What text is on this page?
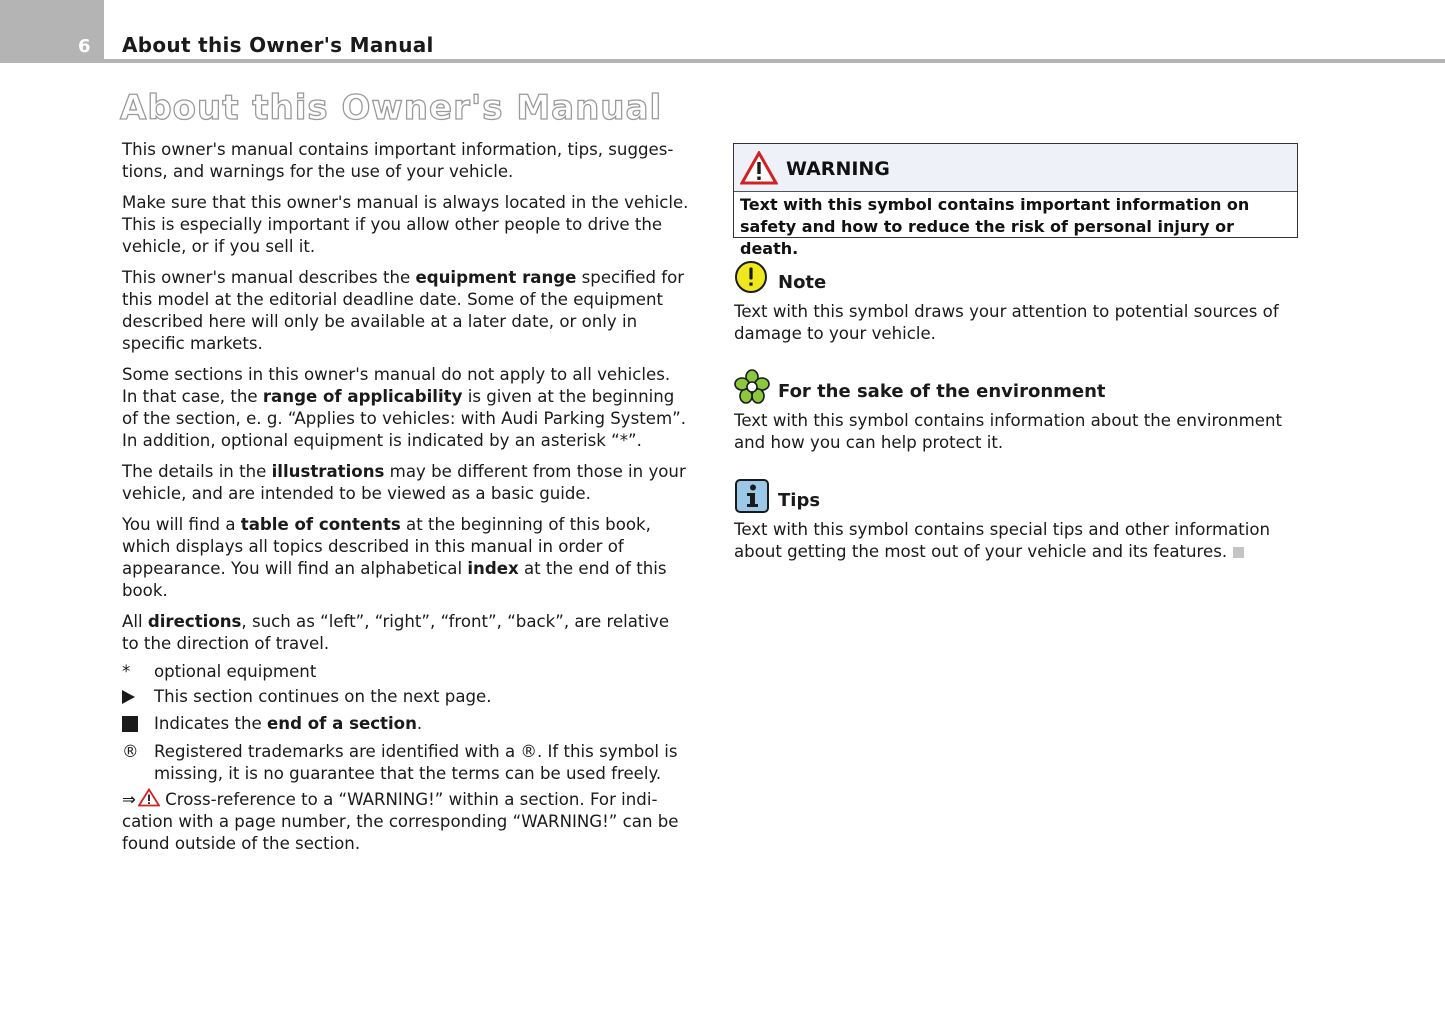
6 About this Owner's Manual
About this Owner's Manual

This owner's manual contains important information, tips, sugges-tions, and warnings for the use of your vehicle.

Make sure that this owner's manual is always located in the vehicle. This is especially important if you allow other people to drive the vehicle, or if you sell it.

This owner's manual describes the equipment range specified for this model at the editorial deadline date. Some of the equipment described here will only be available at a later date, or only in specific markets.

Some sections in this owner's manual do not apply to all vehicles. In that case, the range of applicability is given at the beginning of the section, e. g. “Applies to vehicles: with Audi Parking System”. In addition, optional equipment is indicated by an asterisk “*”.

The details in the illustrations may be different from those in your vehicle, and are intended to be viewed as a basic guide.

You will find a table of contents at the beginning of this book, which displays all topics described in this manual in order of appearance. You will find an alphabetical index at the end of this book.

All directions, such as “left”, “right”, “front”, “back”, are relative to the direction of travel.

*	optional equipment
This section continues on the next page.
Indicates the end of a section.
® Registered trademarks are identified with a ®. If this symbol is missing, it is no guarantee that the terms can be used freely.

⇒ Cross-reference to a “WARNING!” within a section. For indi-cation with a page number, the corresponding “WARNING!” can be found outside of the section.

WARNING
Text with this symbol contains important information on safety and how to reduce the risk of personal injury or death.
Note
Text with this symbol draws your attention to potential sources of damage to your vehicle.
For the sake of the environment
Text with this symbol contains information about the environment and how you can help protect it.
Tips
Text with this symbol contains special tips and other information about getting the most out of your vehicle and its features.
